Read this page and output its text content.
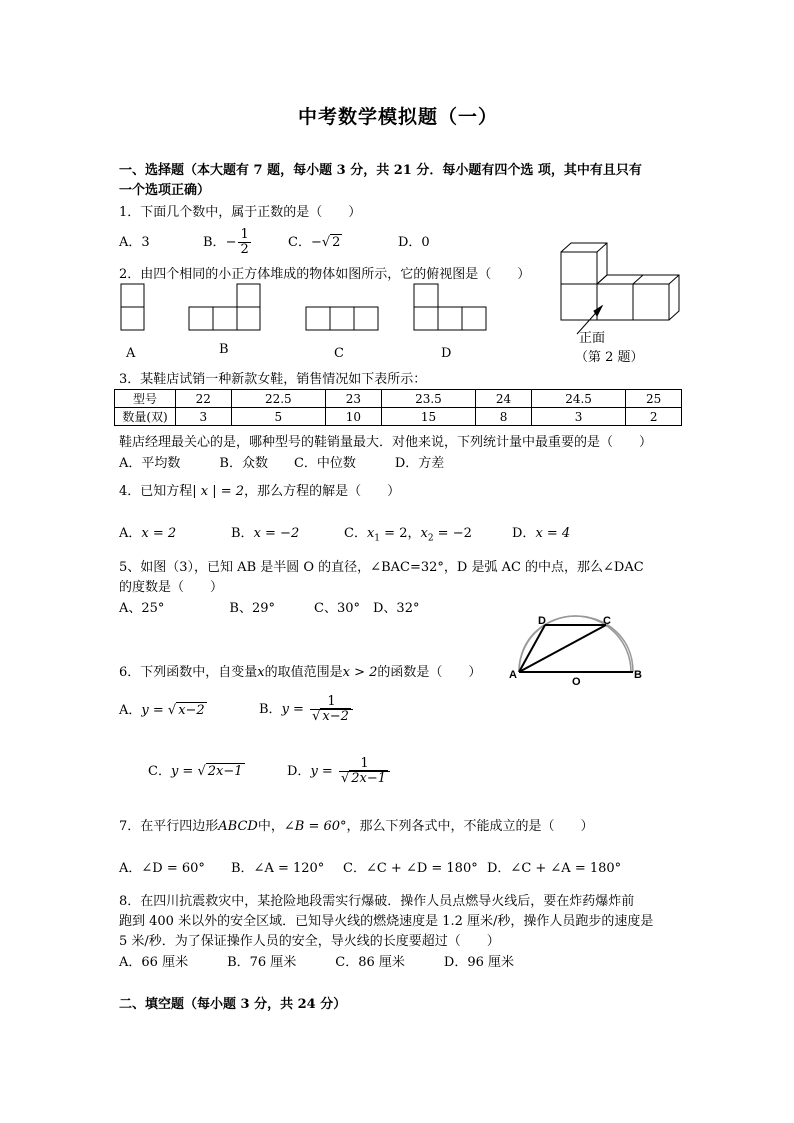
中考数学模拟题（一）
一、选择题（本大题有 7 题，每小题 3 分，共 21 分．每小题有四个选 项，其中有且只有
一个选项正确）
1．下面几个数中，属于正数的是（　　）
A．3	B．− $\frac{1}{2}$	C．−√ 2	D．0
2．由四个相同的小正方体堆成的物体如图所示，它的俯视图是（　　）
A	B	C	D
正面
（第 2 题）
3．某鞋店试销一种新款女鞋，销售情况如下表所示：
型号	22	22.5	23	23.5	24	24.5	25
数量(双)	3	5	10	15	8	3	2
鞋店经理最关心的是，哪种型号的鞋销量最大．对他来说，下列统计量中最重要的是（　　）
A．平均数　　　B．众数　　C．中位数　　　D．方差
4．已知方程| x | = 2，那么方程的解是（　　）
A．x = 2	B．x = −2	C．$x_1 = 2$，$x_2 = -2$	D．x = 4
5、如图（3），已知 AB 是半圆 O 的直径，∠BAC=32°，D 是弧 AC 的中点，那么∠DAC
的度数是（　　）
A、25°　　　　　B、29°　　　C、30°　D、32°
A	B
C
D
O
6．下列函数中，自变量x的取值范围是x > 2的函数是（　　）
A．y = √ x−2	B．$y = \frac{1}{√ x-2}$
C．y = √ 2x−1	D．$y = \frac{1}{√ 2x-1}$
7．在平行四边形ABCD中，∠B = 60°，那么下列各式中，不能成立的是（　　）
A．∠D = 60° B．∠A = 120° C．∠C + ∠D = 180° D．∠C + ∠A = 180°
8．在四川抗震救灾中，某抢险地段需实行爆破．操作人员点燃导火线后，要在炸药爆炸前
跑到 400 米以外的安全区域．已知导火线的燃烧速度是 1.2 厘米/秒，操作人员跑步的速度是
5 米/秒．为了保证操作人员的安全，导火线的长度要超过（　　）
A．66 厘米　　　B．76 厘米　　　C．86 厘米　　　D．96 厘米
二、填空题（每小题 3 分，共 24 分）
